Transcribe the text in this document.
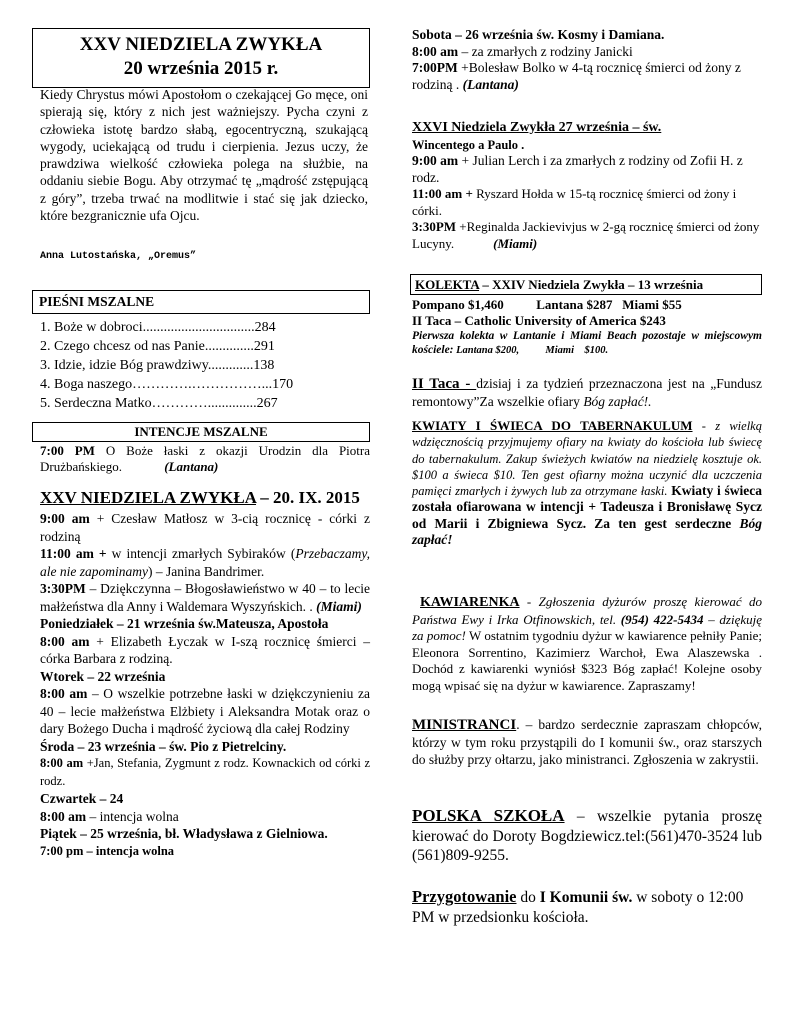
XXV NIEDZIELA ZWYKŁA
20 września 2015 r.

Kiedy Chrystus mówi Apostołom o czekającej Go męce, oni spierają się, który z nich jest ważniejszy. Pycha czyni z człowieka istotę bardzo słabą, egocentryczną, szukającą wygody, uciekającą od trudu i cierpienia. Jezus uczy, że prawdziwa wielkość człowieka polega na służbie, na oddaniu siebie Bogu. Aby otrzymać tę „mądrość zstępującą z góry”, trzeba trwać na modlitwie i stać się jak dziecko, które bezgranicznie ufa Ojcu.

Anna Lutostańska, „Oremus”

PIEŚNI MSZALNE
1. Boże w dobroci................................284
2. Czego chcesz od nas Panie..............291
3. Idzie, idzie Bóg prawdziwy.............138
4. Boga naszego………….……………...170
5. Serdeczna Matko…………..............267
INTENCJE MSZALNE

7:00 PM O Boże łaski z okazji Urodzin dla Piotra Drużbańskiego.	(Lantana)

XXV NIEDZIELA ZWYKŁA – 20. IX. 2015

9:00 am + Czesław Matłosz w 3-cią rocznicę - córki z rodziną

11:00 am + w intencji zmarłych Sybiraków (Przebaczamy, ale nie zapominamy) – Janina Bandrimer.

3:30PM – Dziękczynna – Błogosławieństwo w 40 – to lecie małżeństwa dla Anny i Waldemara Wyszyńskich. . (Miami)

Poniedziałek – 21 września św.Mateusza, Apostoła

8:00 am + Elizabeth Łyczak w I-szą rocznicę śmierci – córka Barbara z rodziną.

Wtorek – 22 września

8:00 am – O wszelkie potrzebne łaski w dziękczynieniu za 40 – lecie małżeństwa Elżbiety i Aleksandra Motak oraz o dary Bożego Ducha i mądrość życiową dla całej Rodziny

Środa – 23 września – św. Pio z Pietrelciny.

8:00 am +Jan, Stefania, Zygmunt z rodz. Kownackich od córki z rodz.

Czwartek – 24

8:00 am – intencja wolna

Piątek – 25 września, bł. Władysława z Gielniowa.

7:00 pm – intencja wolna

Sobota – 26 września św. Kosmy i Damiana.

8:00 am – za zmarłych z rodziny Janicki

7:00PM +Bolesław Bolko w 4-tą rocznicę śmierci od żony z rodziną . (Lantana)

XXVI Niedziela Zwykła 27 września – św.

Wincentego a Paulo .

9:00 am + Julian Lerch i za zmarłych z rodziny od Zofii H. z rodz.

11:00 am + Ryszard Hołda w 15-tą rocznicę śmierci od żony i córki.

3:30PM +Reginalda Jackievivjus w 2-gą rocznicę śmierci od żony Lucyny.	(Miami)

KOLEKTA – XXIV Niedziela Zwykła – 13 września

Pompano $1,460          Lantana $287   Miami $55

II Taca – Catholic University of America $243

Pierwsza kolekta w Lantanie i Miami Beach pozostaje w miejscowym kościele: Lantana $200,          Miami    $100.

II Taca - dzisiaj i za tydzień przeznaczona jest na „Fundusz remontowy”Za wszelkie ofiary Bóg zapłać!.

KWIATY I ŚWIECA DO TABERNAKULUM - z wielką wdzięcznością przyjmujemy ofiary na kwiaty do kościoła lub świecę do tabernakulum. Zakup świeżych kwiatów na niedzielę kosztuje ok. $100 a świeca $10. Ten gest ofiarny można uczynić dla uczczenia pamięci zmarłych i żywych lub za otrzymane łaski. Kwiaty i świeca została ofiarowana w intencji + Tadeusza i Bronisławę Sycz od Marii i Zbigniewa Sycz. Za ten gest serdeczne Bóg zapłać!

KAWIARENKA - Zgłoszenia dyżurów proszę kierować do Państwa Ewy i Irka Otfinowskich, tel. (954) 422-5434 – dziękuję za pomoc! W ostatnim tygodniu dyżur w kawiarence pełniły Panie; Eleonora Sorrentino, Kazimierz Warchoł, Ewa Alaszewska . Dochód z kawiarenki wyniósł $323 Bóg zapłać! Kolejne osoby mogą wpisać się na dyżur w kawiarence. Zapraszamy!

MINISTRANCI. – bardzo serdecznie zapraszam chłopców, którzy w tym roku przystąpili do I komunii św., oraz starszych do służby przy ołtarzu, jako ministranci. Zgłoszenia w zakrystii.

POLSKA SZKOŁA – wszelkie pytania proszę kierować do Doroty Bogdziewicz.tel:(561)470-3524 lub (561)809-9255.

Przygotowanie do I Komunii św. w soboty o 12:00 PM w przedsionku kościoła.
